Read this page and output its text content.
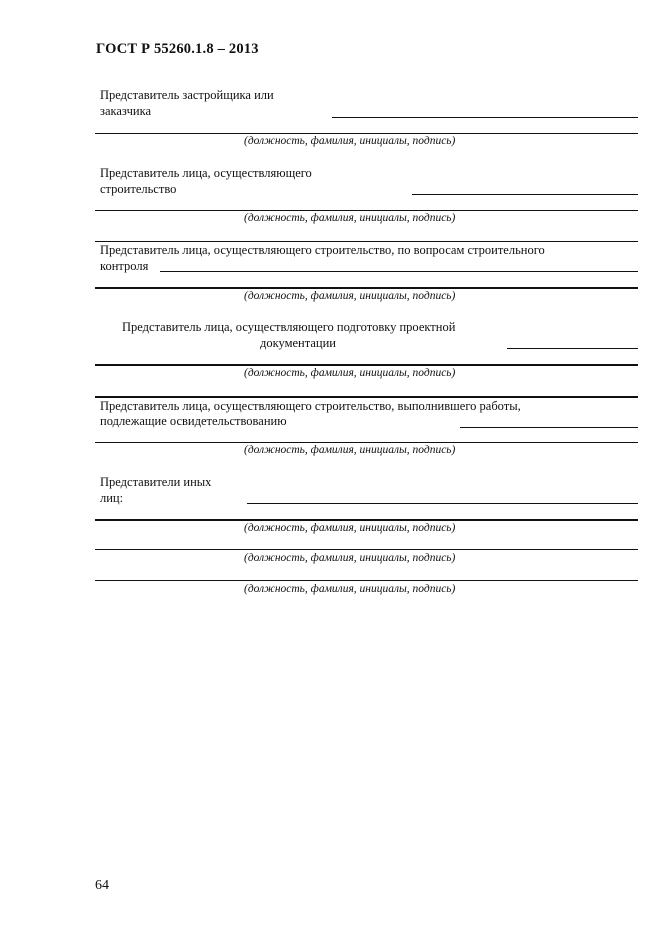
ГОСТ Р 55260.1.8 – 2013
Представитель застройщика или
заказчика
(должность, фамилия, инициалы, подпись)
Представитель лица, осуществляющего
строительство
(должность, фамилия, инициалы, подпись)
Представитель лица, осуществляющего строительство, по вопросам строительного
контроля
(должность, фамилия, инициалы, подпись)
Представитель лица, осуществляющего подготовку проектной
документации
(должность, фамилия, инициалы, подпись)
Представитель лица, осуществляющего строительство, выполнившего работы,
подлежащие освидетельствованию
(должность, фамилия, инициалы, подпись)
Представители иных
лиц:
(должность, фамилия, инициалы, подпись)
(должность, фамилия, инициалы, подпись)
(должность, фамилия, инициалы, подпись)
64
